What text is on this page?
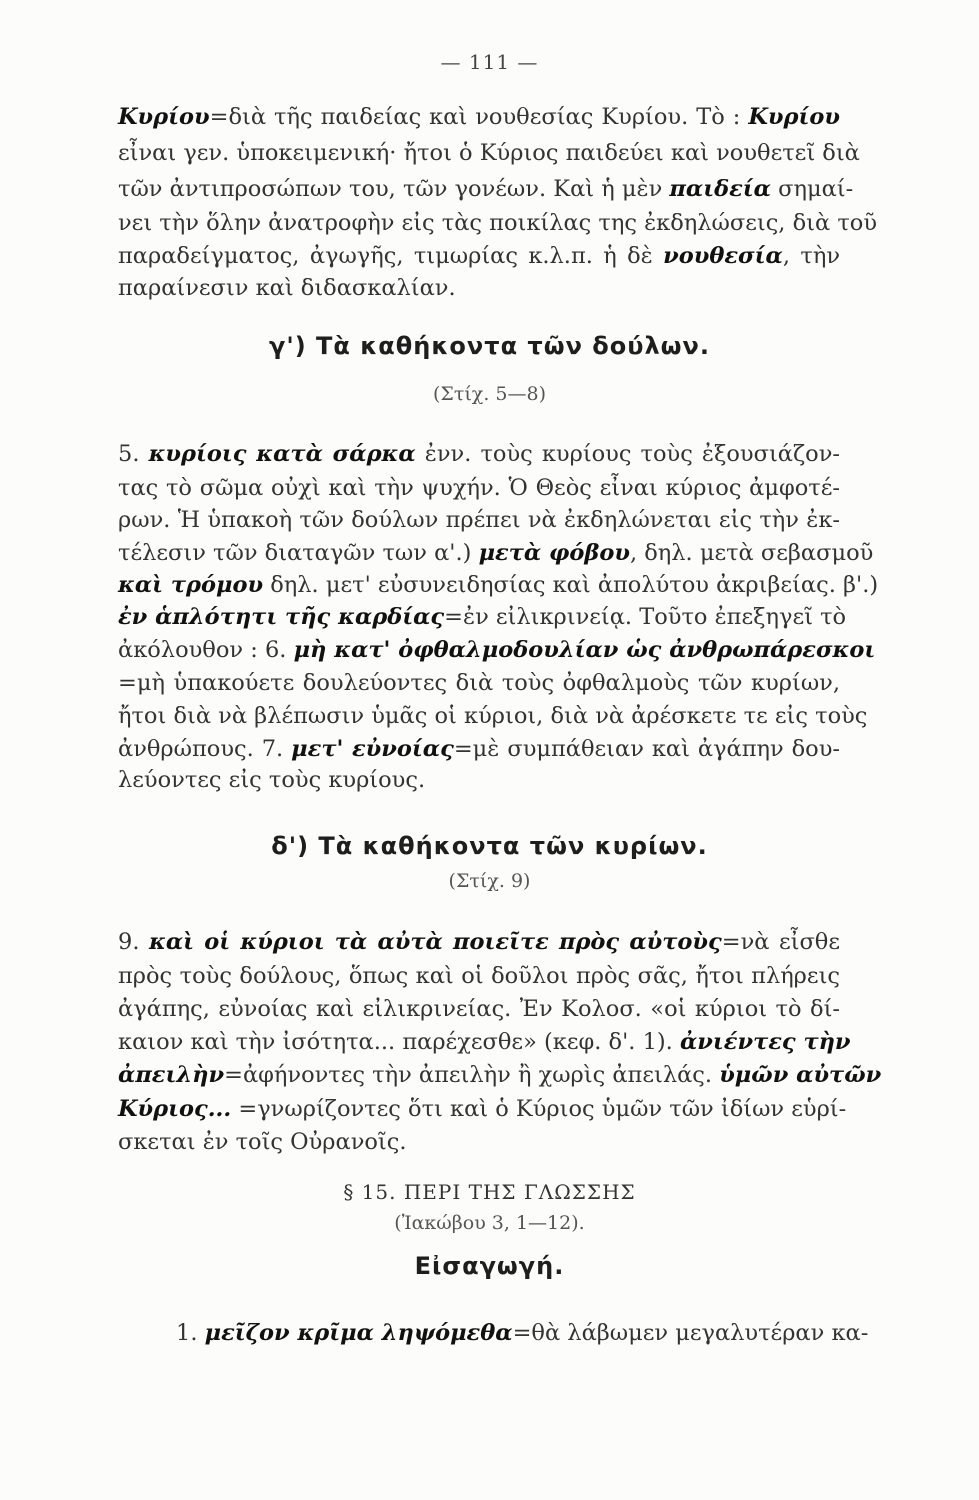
— 111 —
Κυρίου=διὰ τῆς παιδείας καὶ νουθεσίας Κυρίου. Τὸ : Κυρίου
εἶναι γεν. ὑποκειμενική· ἤτοι ὁ Κύριος παιδεύει καὶ νουθετεῖ διὰ
τῶν ἀντιπροσώπων του, τῶν γονέων. Καὶ ἡ μὲν παιδεία σημαί-
νει τὴν ὅλην ἀνατροφὴν εἰς τὰς ποικίλας της ἐκδηλώσεις, διὰ τοῦ
παραδείγματος, ἀγωγῆς, τιμωρίας κ.λ.π. ἡ δὲ νουθεσία, τὴν
παραίνεσιν καὶ διδασκαλίαν.
γ') Τὰ καθήκοντα τῶν δούλων.
(Στίχ. 5—8)
5. κυρίοις κατὰ σάρκα ἐνν. τοὺς κυρίους τοὺς ἐξουσιάζον-
τας τὸ σῶμα οὐχὶ καὶ τὴν ψυχήν. Ὁ Θεὸς εἶναι κύριος ἀμφοτέ-
ρων. Ἡ ὑπακοὴ τῶν δούλων πρέπει νὰ ἐκδηλώνεται εἰς τὴν ἐκ-
τέλεσιν τῶν διαταγῶν των α'.) μετὰ φόβου, δηλ. μετὰ σεβασμοῦ
καὶ τρόμου δηλ. μετ' εὐσυνειδησίας καὶ ἀπολύτου ἀκριβείας. β'.)
ἐν ἁπλότητι τῆς καρδίας=ἐν εἰλικρινείᾳ. Τοῦτο ἐπεξηγεῖ τὸ
ἀκόλουθον : 6. μὴ κατ' ὀφθαλμοδουλίαν ὡς ἀνθρωπάρεσκοι
=μὴ ὑπακούετε δουλεύοντες διὰ τοὺς ὀφθαλμοὺς τῶν κυρίων,
ἤτοι διὰ νὰ βλέπωσιν ὑμᾶς οἱ κύριοι, διὰ νὰ ἀρέσκετε τε εἰς τοὺς
ἀνθρώπους. 7. μετ' εὐνοίας=μὲ συμπάθειαν καὶ ἀγάπην δου-
λεύοντες εἰς τοὺς κυρίους.
δ') Τὰ καθήκοντα τῶν κυρίων.
(Στίχ. 9)
9. καὶ οἱ κύριοι τὰ αὐτὰ ποιεῖτε πρὸς αὐτοὺς=νὰ εἶσθε
πρὸς τοὺς δούλους, ὅπως καὶ οἱ δοῦλοι πρὸς σᾶς, ἤτοι πλήρεις
ἀγάπης, εὐνοίας καὶ εἰλικρινείας. Ἐν Κολοσ. «οἱ κύριοι τὸ δί-
καιον καὶ τὴν ἰσότητα... παρέχεσθε» (κεφ. δ'. 1). ἀνιέντες τὴν
ἀπειλὴν=ἀφήνοντες τὴν ἀπειλὴν ἢ χωρὶς ἀπειλάς. ὑμῶν αὐτῶν
Κύριος... =γνωρίζοντες ὅτι καὶ ὁ Κύριος ὑμῶν τῶν ἰδίων εὑρί-
σκεται ἐν τοῖς Οὐρανοῖς.
§ 15. ΠΕΡΙ ΤΗΣ ΓΛΩΣΣΗΣ
(Ἰακώβου 3, 1—12).
Εἰσαγωγή.
1. μεῖζον κρῖμα ληψόμεθα=θὰ λάβωμεν μεγαλυτέραν κα-
